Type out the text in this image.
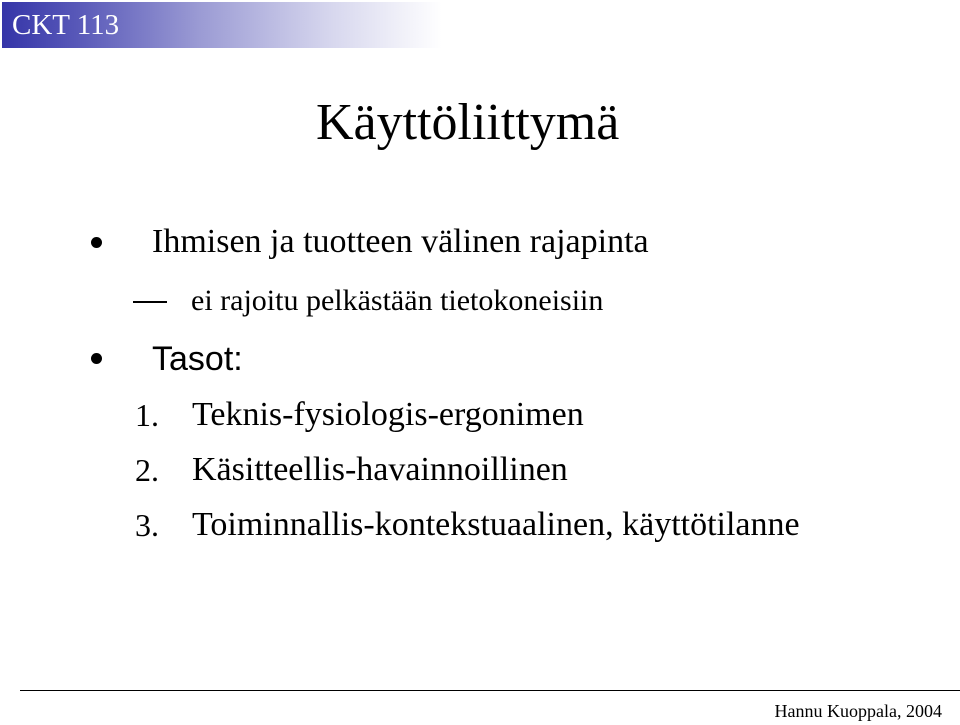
CKT 113
Käyttöliittymä
Ihmisen ja tuotteen välinen rajapinta
ei rajoitu pelkästään tietokoneisiin
Tasot:
1. Teknis-fysiologis-ergonimen
2. Käsitteellis-havainnoillinen
3. Toiminnallis-kontekstuaalinen, käyttötilanne
Hannu Kuoppala, 2004
